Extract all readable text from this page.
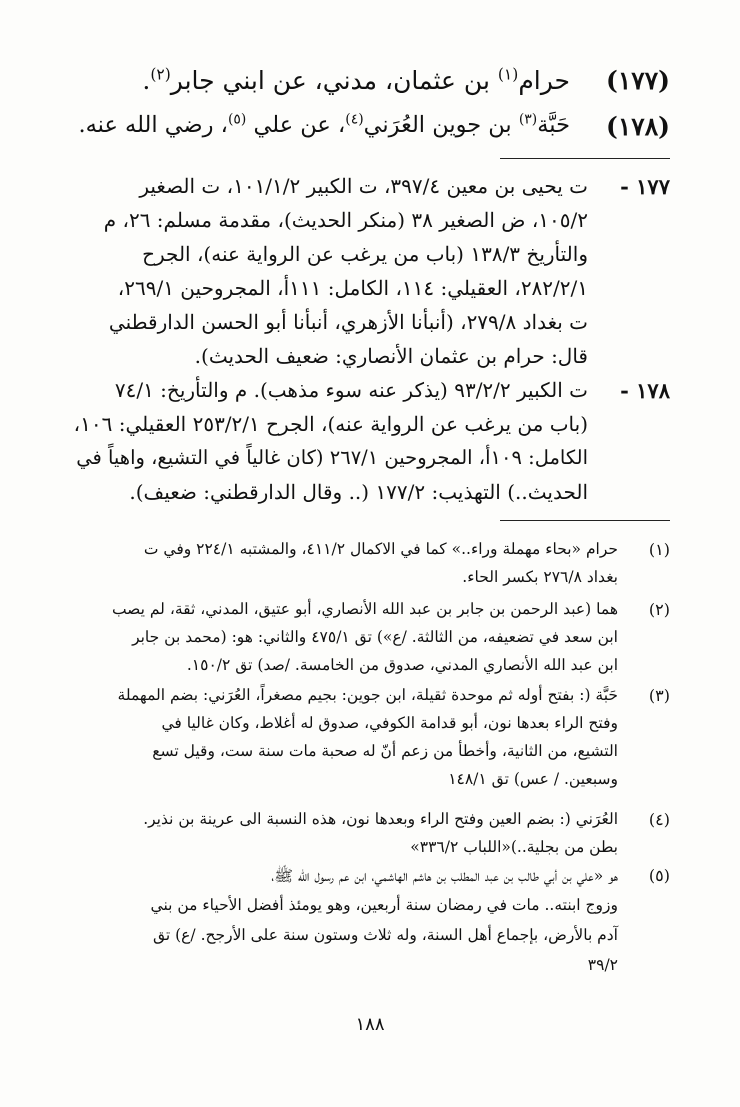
(١٧٧)
حرام$^{(١)}$ بن عثمان، مدني، عن ابني جابر$^{(٢)}$.
(١٧٨)
حَبَّة$^{(٣)}$ بن جوين العُرَني$^{(٤)}$، عن علي $^{(٥)}$، رضي الله عنه.
١٧٧ -
ت يحيى بن معين ٣٩٧/٤، ت الكبير ١٠١/١/٢، ت الصغير
١٠٥/٢، ض الصغير ٣٨ (منكر الحديث)، مقدمة مسلم: ٢٦، م
والتأريخ ١٣٨/٣ (باب من يرغب عن الرواية عنه)، الجرح
٢٨٢/٢/١، العقيلي: ١١٤، الكامل: ١١١أ، المجروحين ٢٦٩/١،
ت بغداد ٢٧٩/٨، (أنبأنا الأزهري، أنبأنا أبو الحسن الدارقطني
قال: حرام بن عثمان الأنصاري: ضعيف الحديث).
١٧٨ -
ت الكبير ٩٣/٢/٢ (يذكر عنه سوء مذهب). م والتأريخ: ٧٤/١
(باب من يرغب عن الرواية عنه)، الجرح ٢٥٣/٢/١ العقيلي: ١٠٦،
الكامل: ١٠٩أ، المجروحين ٢٦٧/١ (كان غالياً في التشيع، واهياً في
الحديث..) التهذيب: ١٧٧/٢ (.. وقال الدارقطني: ضعيف).
(١)
حرام «بحاء مهملة وراء..» كما في الاكمال ٤١١/٢، والمشتبه ٢٢٤/١ وفي ت
بغداد ٢٧٦/٨ بكسر الحاء.
(٢)
هما (عبد الرحمن بن جابر بن عبد الله الأنصاري، أبو عتيق، المدني، ثقة، لم يصب
ابن سعد في تضعيفه، من الثالثة. /ع») تق ٤٧٥/١ والثاني: هو: (محمد بن جابر
ابن عبد الله الأنصاري المدني، صدوق من الخامسة. /صد) تق ١٥٠/٢.
(٣)
حَبَّة (: بفتح أوله ثم موحدة ثقيلة، ابن جوين: بجيم مصغراً، العُرَني: بضم المهملة
وفتح الراء بعدها نون، أبو قدامة الكوفي، صدوق له أغلاط، وكان غاليا في
التشيع، من الثانية، وأخطأ من زعم أنّ له صحبة مات سنة ست، وقيل تسع
وسبعين. / عس) تق ١٤٨/١
(٤)
العُرَني (: بضم العين وفتح الراء وبعدها نون، هذه النسبة الى عرينة بن نذير.
بطن من بجلية..)«اللباب ٣٣٦/٢»
(٥)
هو «علي بن أبي طالب بن عبد المطلب بن هاشم الهاشمي، ابن عم رسول الله ﷺ،
وزوج ابنته.. مات في رمضان سنة أربعين، وهو يومئذ أفضل الأحياء من بني
آدم بالأرض، بإجماع أهل السنة، وله ثلاث وستون سنة على الأرجح. /ع) تق
٣٩/٢
١٨٨
